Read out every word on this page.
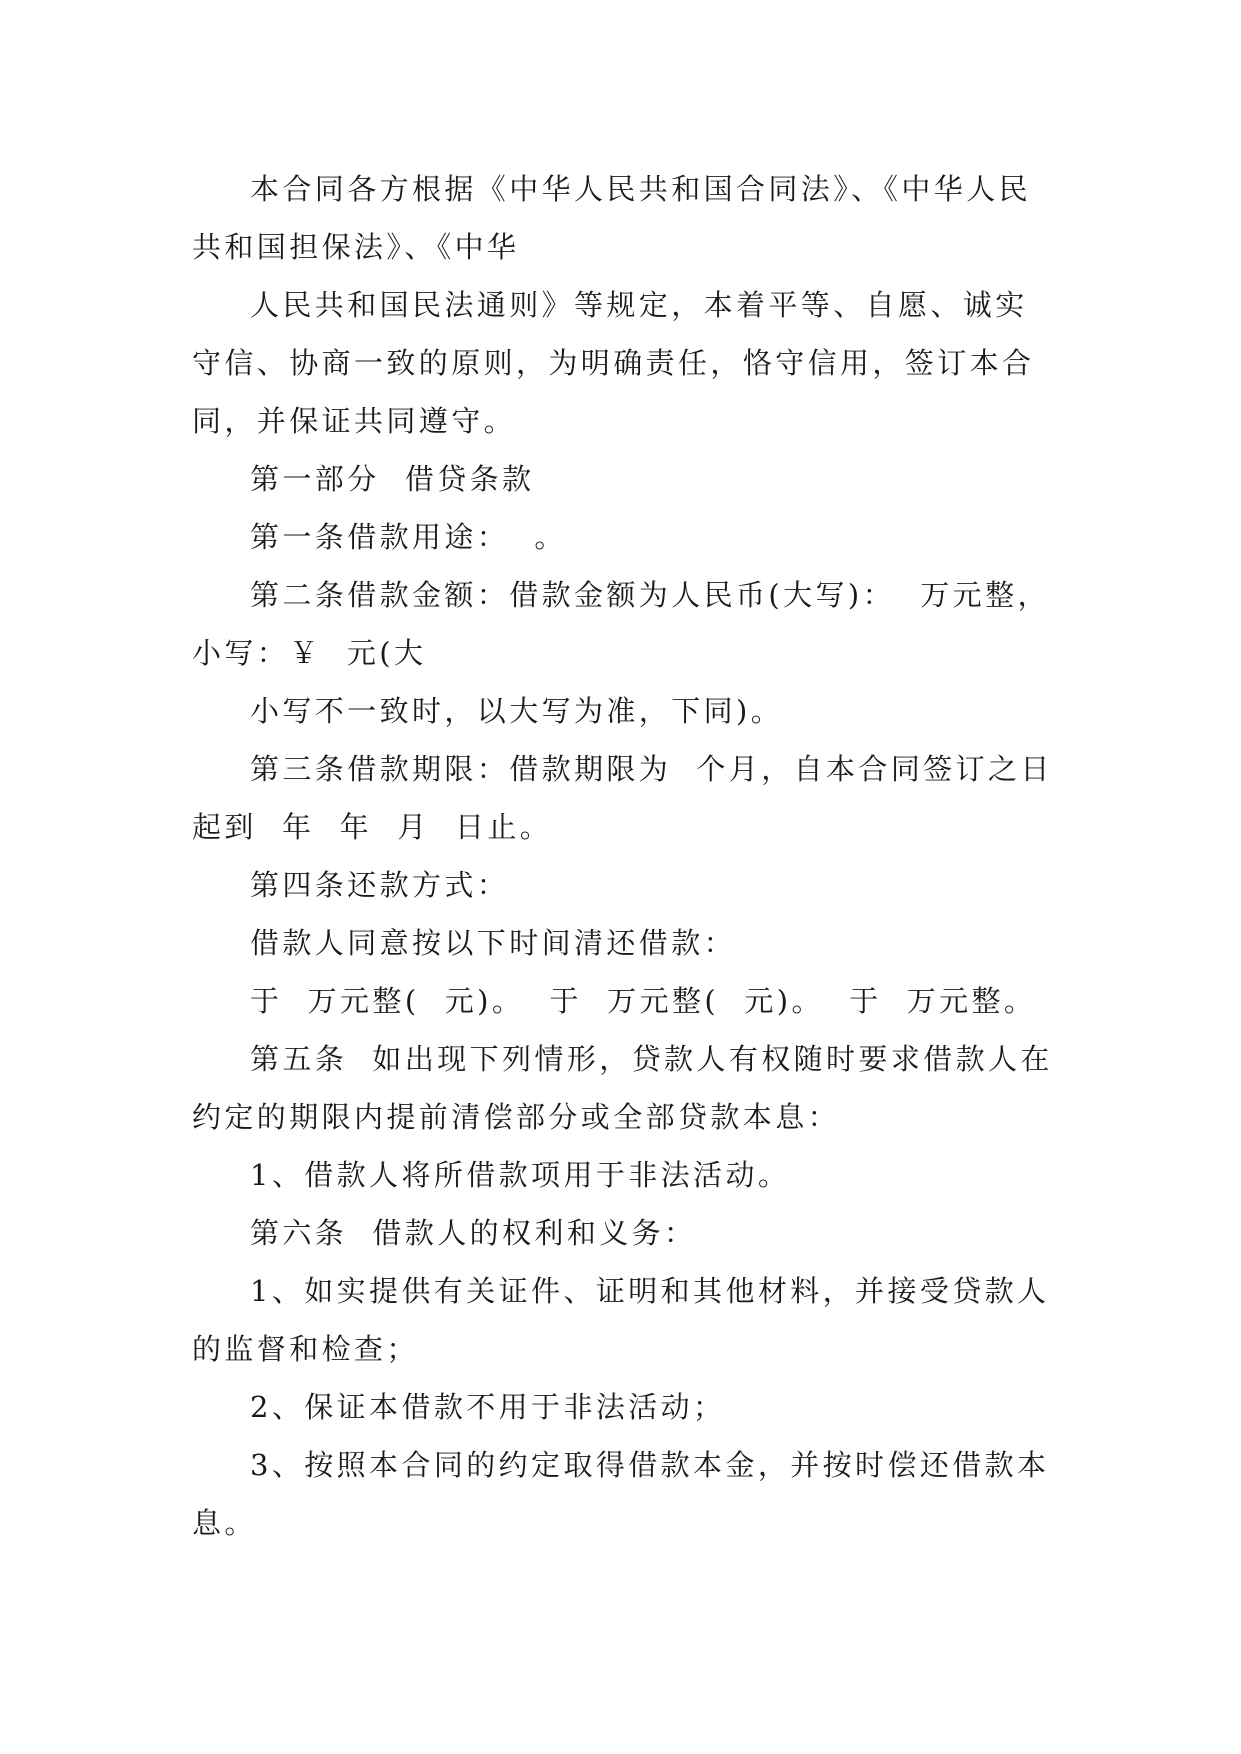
本合同各方根据《中华人民共和国合同法》、《中华人民共和国担保法》、《中华

人民共和国民法通则》等规定，本着平等、自愿、诚实守信、协商一致的原则，为明确责任，恪守信用，签订本合同，并保证共同遵守。

第一部分  借贷条款

第一条借款用途：  。

第二条借款金额：借款金额为人民币(大写)：  万元整，小写：￥  元(大

小写不一致时，以大写为准，下同)。

第三条借款期限：借款期限为  个月，自本合同签订之日起到  年  年  月  日止。

第四条还款方式：

借款人同意按以下时间清还借款：

于  万元整(  元)。  于  万元整(  元)。  于  万元整。

第五条  如出现下列情形，贷款人有权随时要求借款人在约定的期限内提前清偿部分或全部贷款本息：

1、借款人将所借款项用于非法活动。

第六条  借款人的权利和义务：

1、如实提供有关证件、证明和其他材料，并接受贷款人的监督和检查；

2、保证本借款不用于非法活动；

3、按照本合同的约定取得借款本金，并按时偿还借款本息。
